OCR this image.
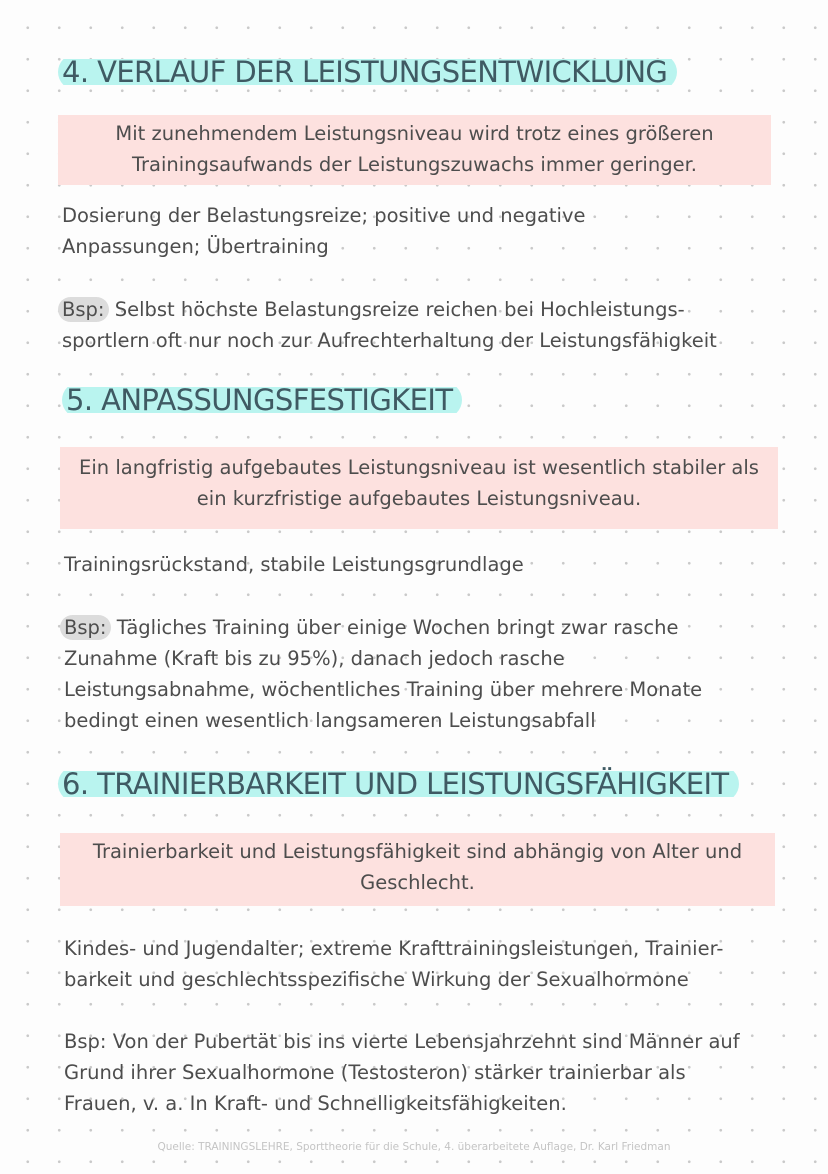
4. VERLAUF DER LEISTUNGSENTWICKLUNG
Mit zunehmendem Leistungsniveau wird trotz eines größeren
Trainingsaufwands der Leistungszuwachs immer geringer.
Dosierung der Belastungsreize; positive und negative
Anpassungen; Übertraining
Bsp: Selbst höchste Belastungsreize reichen bei Hochleistungs-
sportlern oft nur noch zur Aufrechterhaltung der Leistungsfähigkeit
5. ANPASSUNGSFESTIGKEIT
Ein langfristig aufgebautes Leistungsniveau ist wesentlich stabiler als
ein kurzfristige aufgebautes Leistungsniveau.
Trainingsrückstand, stabile Leistungsgrundlage
Bsp: Tägliches Training über einige Wochen bringt zwar rasche
Zunahme (Kraft bis zu 95%), danach jedoch rasche
Leistungsabnahme, wöchentliches Training über mehrere Monate
bedingt einen wesentlich langsameren Leistungsabfall
6. TRAINIERBARKEIT UND LEISTUNGSFÄHIGKEIT
Trainierbarkeit und Leistungsfähigkeit sind abhängig von Alter und
Geschlecht.
Kindes- und Jugendalter; extreme Krafttrainingsleistungen, Trainier-
barkeit und geschlechtsspezifische Wirkung der Sexualhormone
Bsp: Von der Pubertät bis ins vierte Lebensjahrzehnt sind Männer auf
Grund ihrer Sexualhormone (Testosteron) stärker trainierbar als
Frauen, v. a. In Kraft- und Schnelligkeitsfähigkeiten.
Quelle: TRAININGSLEHRE, Sporttheorie für die Schule, 4. überarbeitete Auflage, Dr. Karl Friedman
